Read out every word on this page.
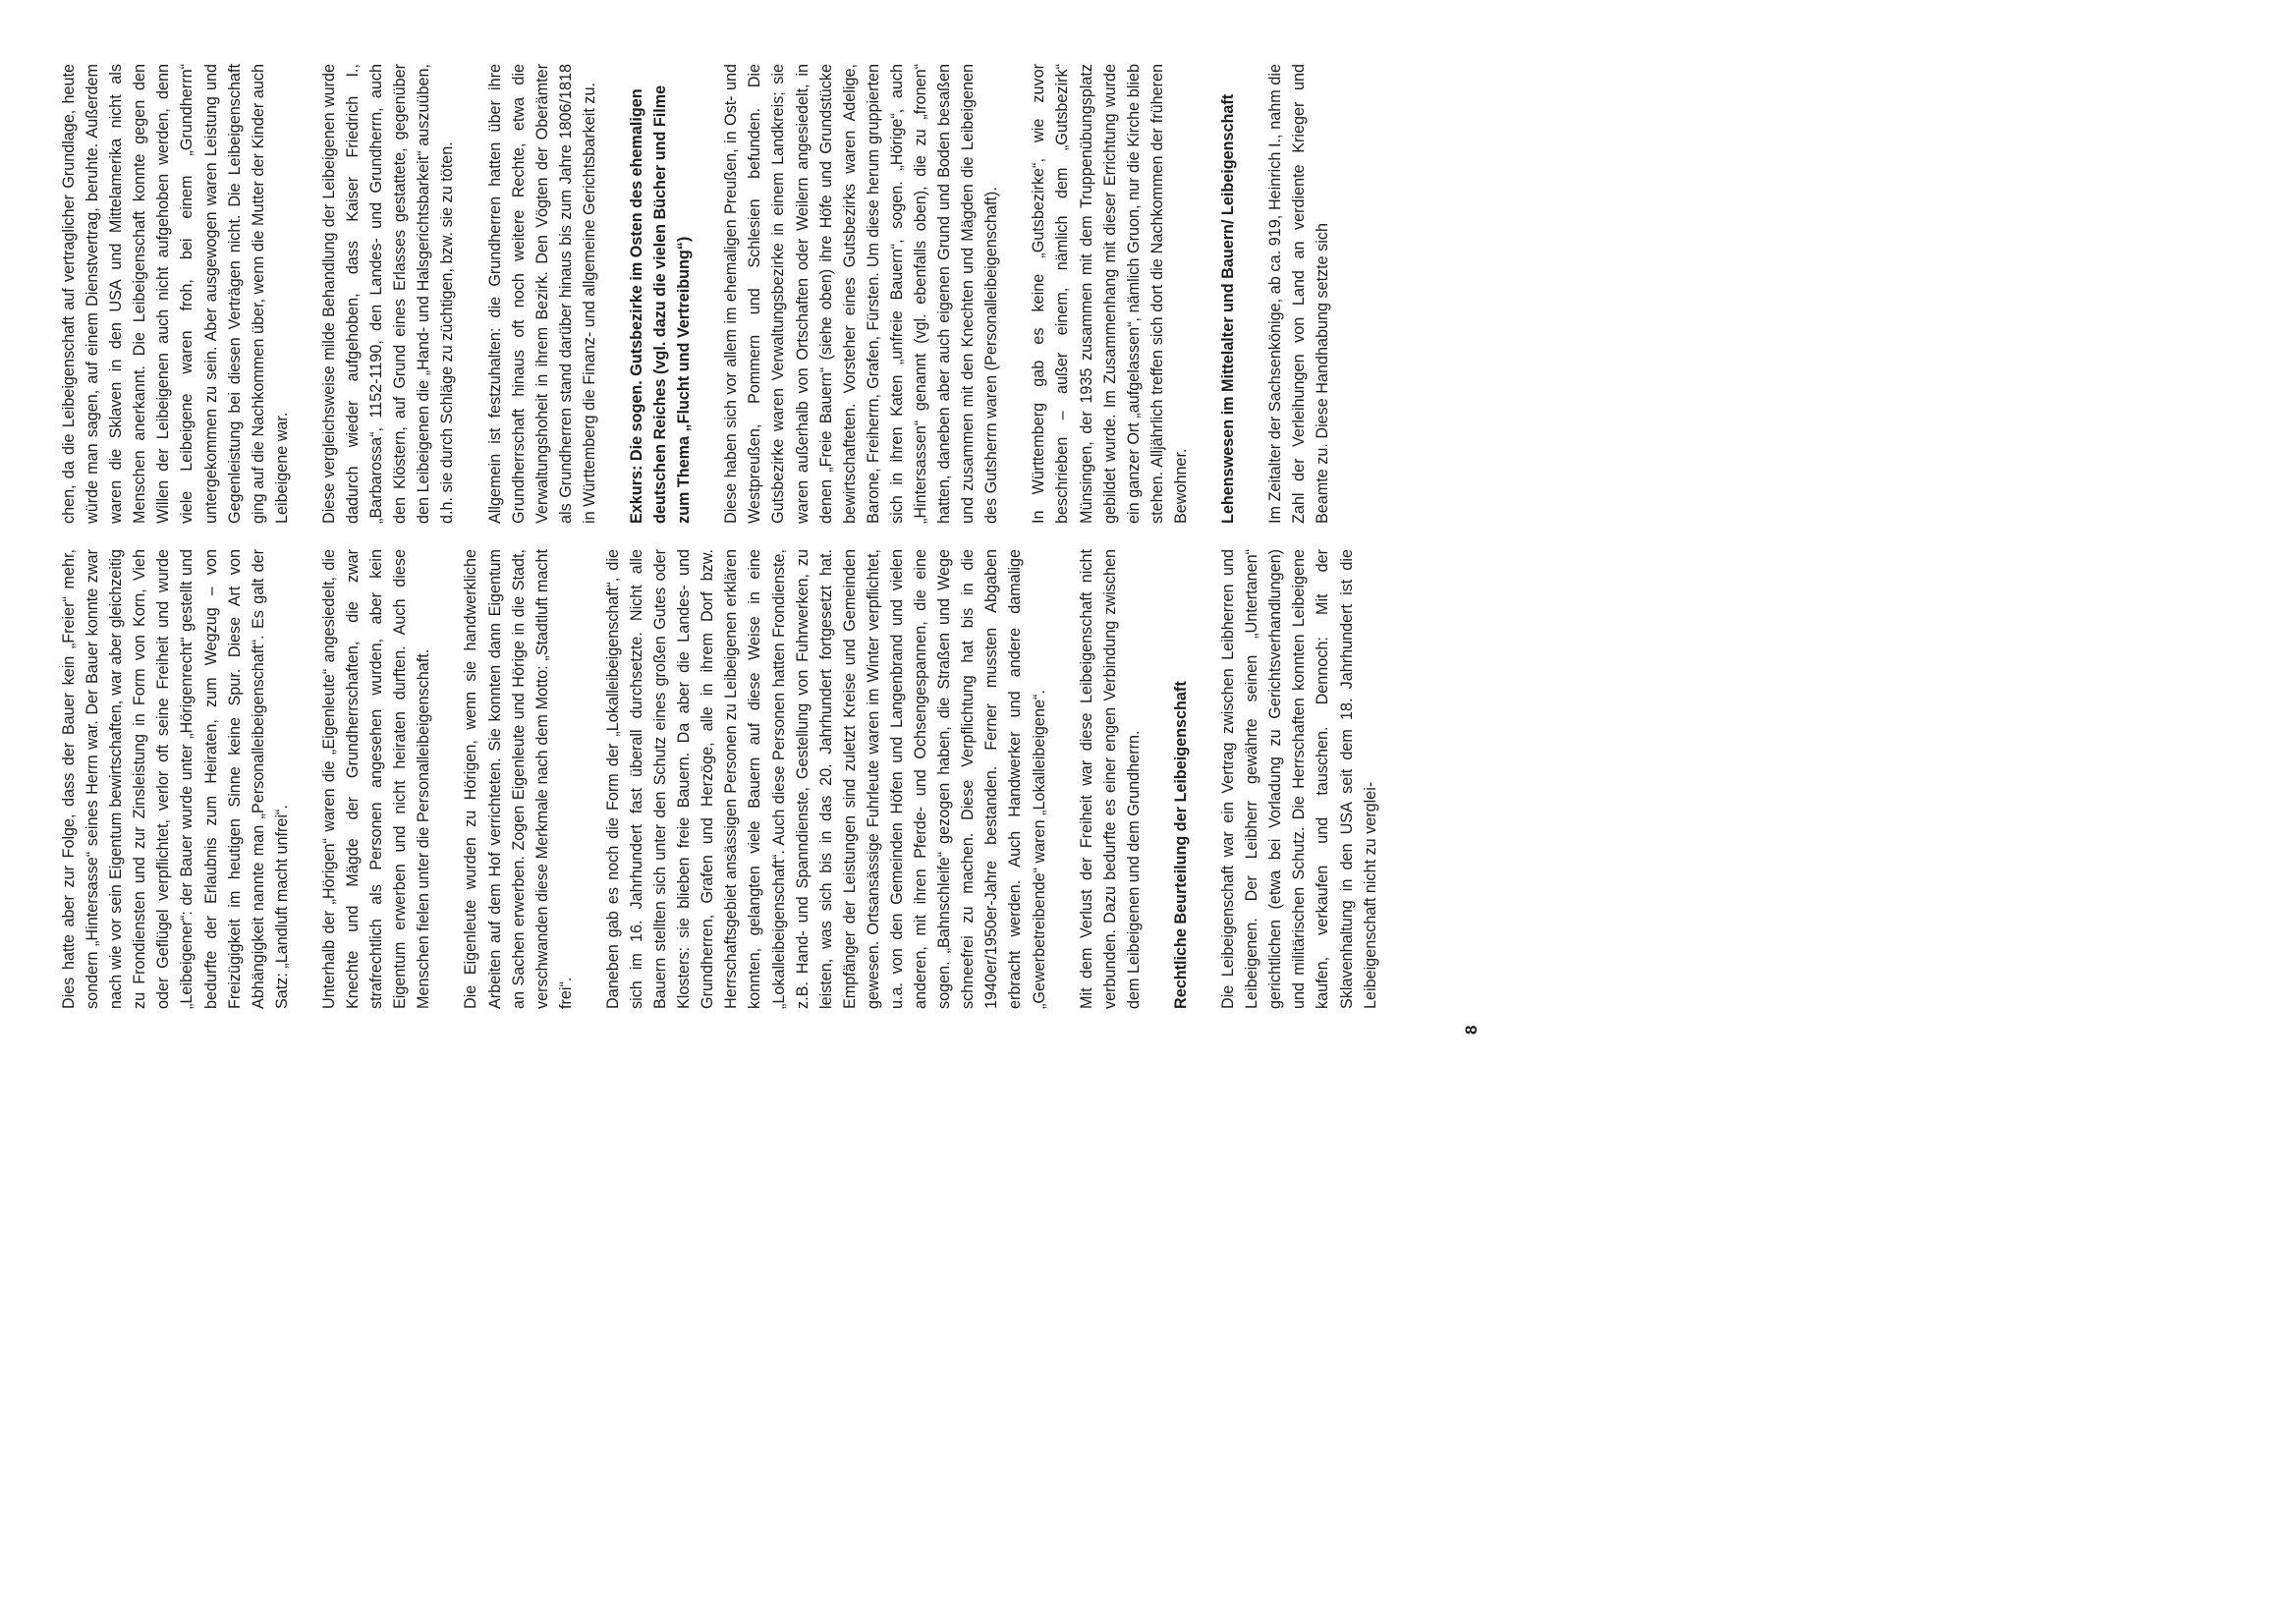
Dies hatte aber zur Folge, dass der Bauer kein „Freier“ mehr, sondern „Hintersasse“ seines Herrn war. Der Bauer konnte zwar nach wie vor sein Eigentum bewirtschaften, war aber gleichzeitig zu Frondiensten und zur Zinsleistung in Form von Korn, Vieh oder Geflügel verpflichtet, verlor oft seine Freiheit und wurde „Leibeigener“: der Bauer wurde unter „Hörigenrecht“ gestellt und bedurfte der Erlaubnis zum Heiraten, zum Wegzug – von Freizügigkeit im heutigen Sinne keine Spur. Diese Art von Abhängigkeit nannte man „Personalleibeigenschaft“. Es galt der Satz: „Landluft macht unfrei“. Unterhalb der „Hörigen“ waren die „Eigenleute“ angesiedelt, die Knechte und Mägde der Grundherrschaften, die zwar strafrechtlich als Personen angesehen wurden, aber kein Eigentum erwerben und nicht heiraten durften. Auch diese Menschen fielen unter die Personalleibeigenschaft. Die Eigenleute wurden zu Hörigen, wenn sie handwerkliche Arbeiten auf dem Hof verrichteten. Sie konnten dann Eigentum an Sachen erwerben. Zogen Eigenleute und Hörige in die Stadt, verschwanden diese Merkmale nach dem Motto: „Stadtluft macht frei“. Daneben gab es noch die Form der „Lokalleibeigenschaft“, die sich im 16. Jahrhundert fast überall durchsetzte. Nicht alle Bauern stellten sich unter den Schutz eines großen Gutes oder Klosters: sie blieben freie Bauern. Da aber die Landes- und Grundherren, Grafen und Herzöge, alle in ihrem Dorf bzw. Herrschaftsgebiet ansässigen Personen zu Leibeigenen erklären konnten, gelangten viele Bauern auf diese Weise in eine „Lokalleibeigenschaft“. Auch diese Personen hatten Frondienste, z.B. Hand- und Spanndienste, Gestellung von Fuhrwerken, zu leisten, was sich bis in das 20. Jahrhundert fortgesetzt hat. Empfänger der Leistungen sind zuletzt Kreise und Gemeinden gewesen. Ortsansässige Fuhrleute waren im Winter verpflichtet, u.a. von den Gemeinden Höfen und Langenbrand und vielen anderen, mit ihren Pferde- und Ochsengespannen, die eine sogen. „Bahnschleife“ gezogen haben, die Straßen und Wege schneefrei zu machen. Diese Verpflichtung hat bis in die 1940er/1950er-Jahre bestanden. Ferner mussten Abgaben erbracht werden. Auch Handwerker und andere damalige „Gewerbetreibende“ waren „Lokalleibeigene“. Mit dem Verlust der Freiheit war diese Leibeigenschaft nicht verbunden. Dazu bedurfte es einer engen Verbindung zwischen dem Leibeigenen und dem Grundherrn. Rechtliche Beurteilung der Leibeigenschaft Die Leibeigenschaft war ein Vertrag zwischen Leibherren und Leibeigenen. Der Leibherr gewährte seinen „Untertanen“ gerichtlichen (etwa bei Vorladung zu Gerichtsverhandlungen) und militärischen Schutz. Die Herrschaften konnten Leibeigene kaufen, verkaufen und tauschen. Dennoch: Mit der Sklavenhaltung in den USA seit dem 18. Jahrhundert ist die Leibeigenschaft nicht zu verglei-

chen, da die Leibeigenschaft auf vertraglicher Grundlage, heute würde man sagen, auf einem Dienstvertrag, beruhte. Außerdem waren die Sklaven in den USA und Mittelamerika nicht als Menschen anerkannt. Die Leibeigenschaft konnte gegen den Willen der Leibeigenen auch nicht aufgehoben werden, denn viele Leibeigene waren froh, bei einem „Grundherrn“ untergekommen zu sein. Aber ausgewogen waren Leistung und Gegenleistung bei diesen Verträgen nicht. Die Leibeigenschaft ging auf die Nachkommen über, wenn die Mutter der Kinder auch Leibeigene war. Diese vergleichsweise milde Behandlung der Leibeigenen wurde dadurch wieder aufgehoben, dass Kaiser Friedrich I., „Barbarossa“, 1152-1190, den Landes- und Grundherrn, auch den Klöstern, auf Grund eines Erlasses gestattete, gegenüber den Leibeigenen die „Hand- und Halsgerichtsbarkeit“ auszuüben, d.h. sie durch Schläge zu züchtigen, bzw. sie zu töten. Allgemein ist festzuhalten: die Grundherren hatten über ihre Grundherrschaft hinaus oft noch weitere Rechte, etwa die Verwaltungshoheit in ihrem Bezirk. Den Vögten der Oberämter als Grundherren stand darüber hinaus bis zum Jahre 1806/1818 in Württemberg die Finanz- und allgemeine Gerichtsbarkeit zu. Exkurs: Die sogen. Gutsbezirke im Osten des ehemaligen deutschen Reiches (vgl. dazu die vielen Bücher und Filme zum Thema „Flucht und Vertreibung“) Diese haben sich vor allem im ehemaligen Preußen, in Ost- und Westpreußen, Pommern und Schlesien befunden. Die Gutsbezirke waren Verwaltungsbezirke in einem Landkreis; sie waren außerhalb von Ortschaften oder Weilern angesiedelt, in denen „Freie Bauern“ (siehe oben) ihre Höfe und Grundstücke bewirtschafteten. Vorsteher eines Gutsbezirks waren Adelige, Barone, Freiherrn, Grafen, Fürsten. Um diese herum gruppierten sich in ihren Katen „unfreie Bauern“, sogen. „Hörige“, auch „Hintersassen“ genannt (vgl. ebenfalls oben), die zu „fronen“ hatten, daneben aber auch eigenen Grund und Boden besaßen und zusammen mit den Knechten und Mägden die Leibeigenen des Gutsherrn waren (Personalleibeigenschaft). In Württemberg gab es keine „Gutsbezirke“, wie zuvor beschrieben – außer einem, nämlich dem „Gutsbezirk“ Münsingen, der 1935 zusammen mit dem Truppenübungsplatz gebildet wurde. Im Zusammenhang mit dieser Errichtung wurde ein ganzer Ort „aufgelassen“, nämlich Gruon, nur die Kirche blieb stehen. Alljährlich treffen sich dort die Nachkommen der früheren Bewohner. Lehenswesen im Mittelalter und Bauern/ Leibeigenschaft Im Zeitalter der Sachsenkönige, ab ca. 919, Heinrich I., nahm die Zahl der Verleihungen von Land an verdiente Krieger und Beamte zu. Diese Handhabung setzte sich

8
